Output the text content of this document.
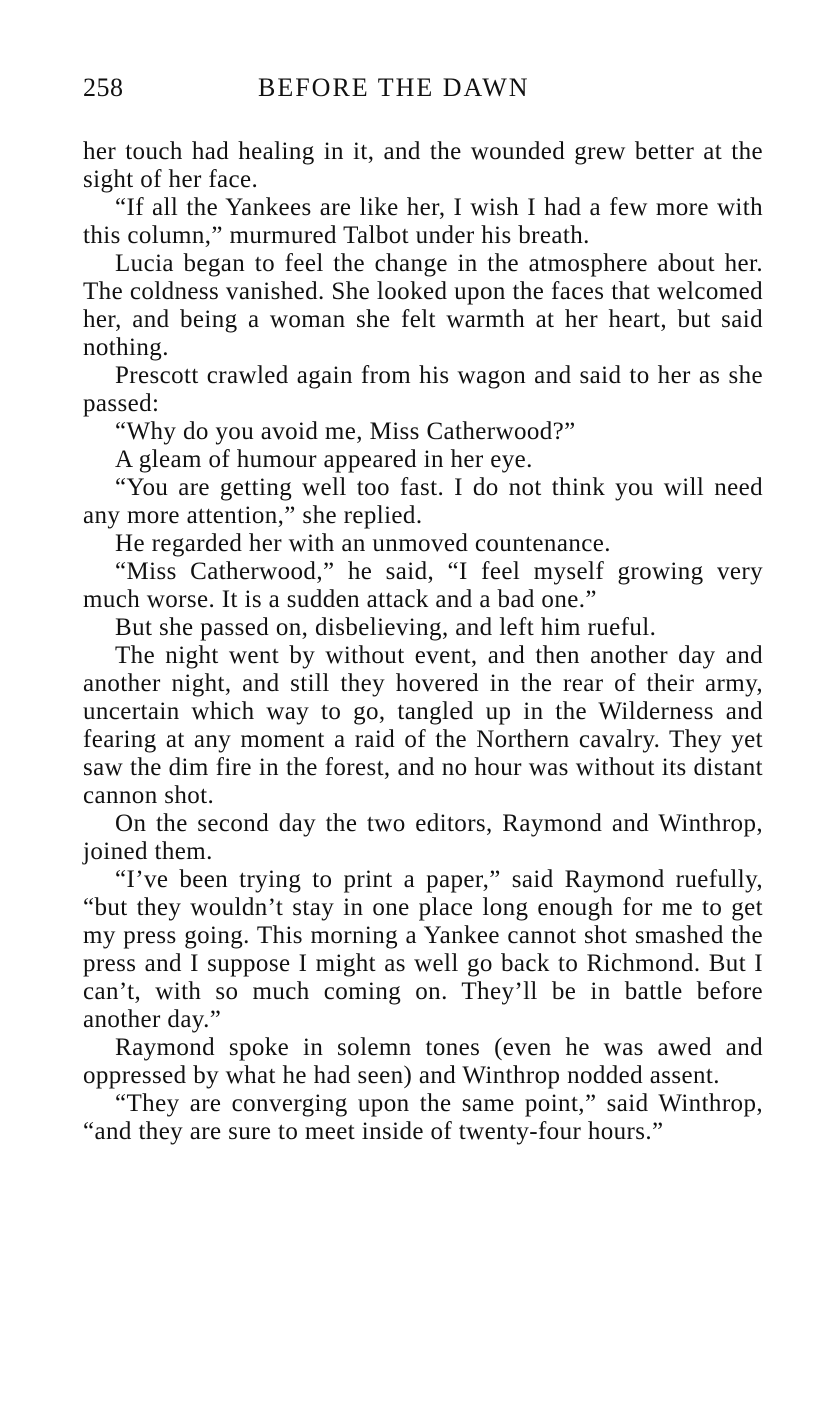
258	BEFORE THE DAWN

her touch had healing in it, and the wounded grew better at the sight of her face.

“If all the Yankees are like her, I wish I had a few more with this column,” murmured Talbot under his breath.

Lucia began to feel the change in the atmosphere about her. The coldness vanished. She looked upon the faces that welcomed her, and being a woman she felt warmth at her heart, but said nothing.

Prescott crawled again from his wagon and said to her as she passed:

“Why do you avoid me, Miss Catherwood?”

A gleam of humour appeared in her eye.

“You are getting well too fast. I do not think you will need any more attention,” she replied.

He regarded her with an unmoved countenance.

“Miss Catherwood,” he said, “I feel myself growing very much worse. It is a sudden attack and a bad one.”

But she passed on, disbelieving, and left him rueful.

The night went by without event, and then another day and another night, and still they hovered in the rear of their army, uncertain which way to go, tangled up in the Wilderness and fearing at any moment a raid of the Northern cavalry. They yet saw the dim fire in the forest, and no hour was without its distant cannon shot.

On the second day the two editors, Raymond and Winthrop, joined them.

“I’ve been trying to print a paper,” said Raymond ruefully, “but they wouldn’t stay in one place long enough for me to get my press going. This morning a Yankee cannot shot smashed the press and I suppose I might as well go back to Richmond. But I can’t, with so much coming on. They’ll be in battle before another day.”

Raymond spoke in solemn tones (even he was awed and oppressed by what he had seen) and Winthrop nodded assent.

“They are converging upon the same point,” said Winthrop, “and they are sure to meet inside of twenty-four hours.”
